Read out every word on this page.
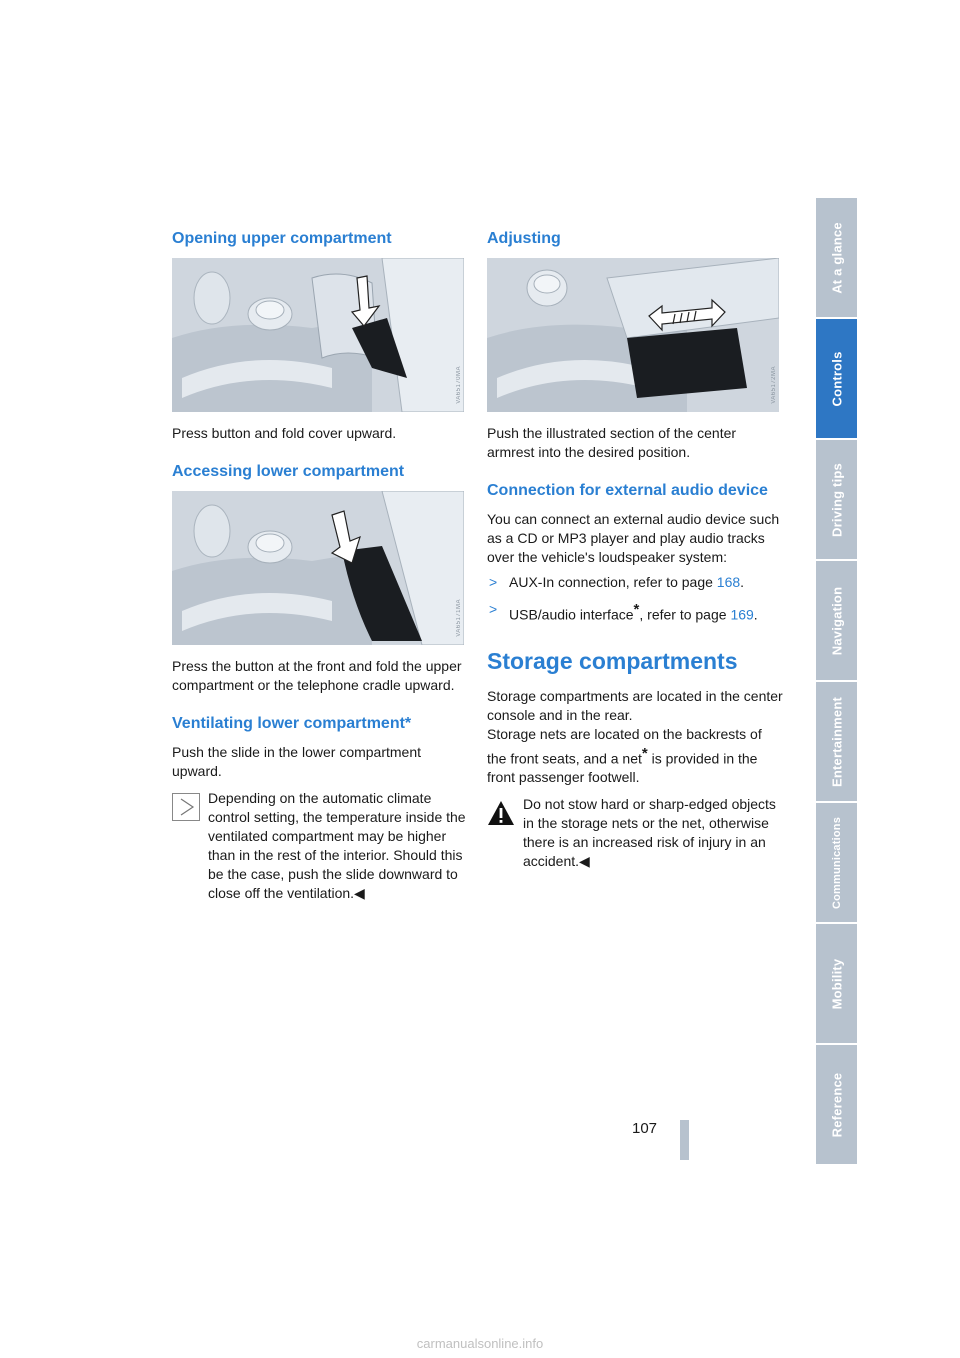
Opening upper compartment
VA65170MA

Press button and fold cover upward.

Accessing lower compartment
VA65171MA

Press the button at the front and fold the upper compartment or the telephone cradle upward.

Ventilating lower compartment*

Push the slide in the lower compartment upward.

Depending on the automatic climate control setting, the temperature inside the ventilated compartment may be higher than in the rest of the interior. Should this be the case, push the slide downward to close off the ventilation.◀

Adjusting
VA65172MA

Push the illustrated section of the center armrest into the desired position.

Connection for external audio device

You can connect an external audio device such as a CD or MP3 player and play audio tracks over the vehicle's loudspeaker system:

> AUX-In connection, refer to page 168.
> USB/audio interface*, refer to page 169.
Storage compartments

Storage compartments are located in the center console and in the rear.

Storage nets are located on the backrests of the front seats, and a net* is provided in the front passenger footwell.

Do not stow hard or sharp-edged objects in the storage nets or the net, otherwise there is an increased risk of injury in an accident.◀

At a glance
Controls
Driving tips
Navigation
Entertainment
Communications
Mobility
Reference
107
carmanualsonline.info
